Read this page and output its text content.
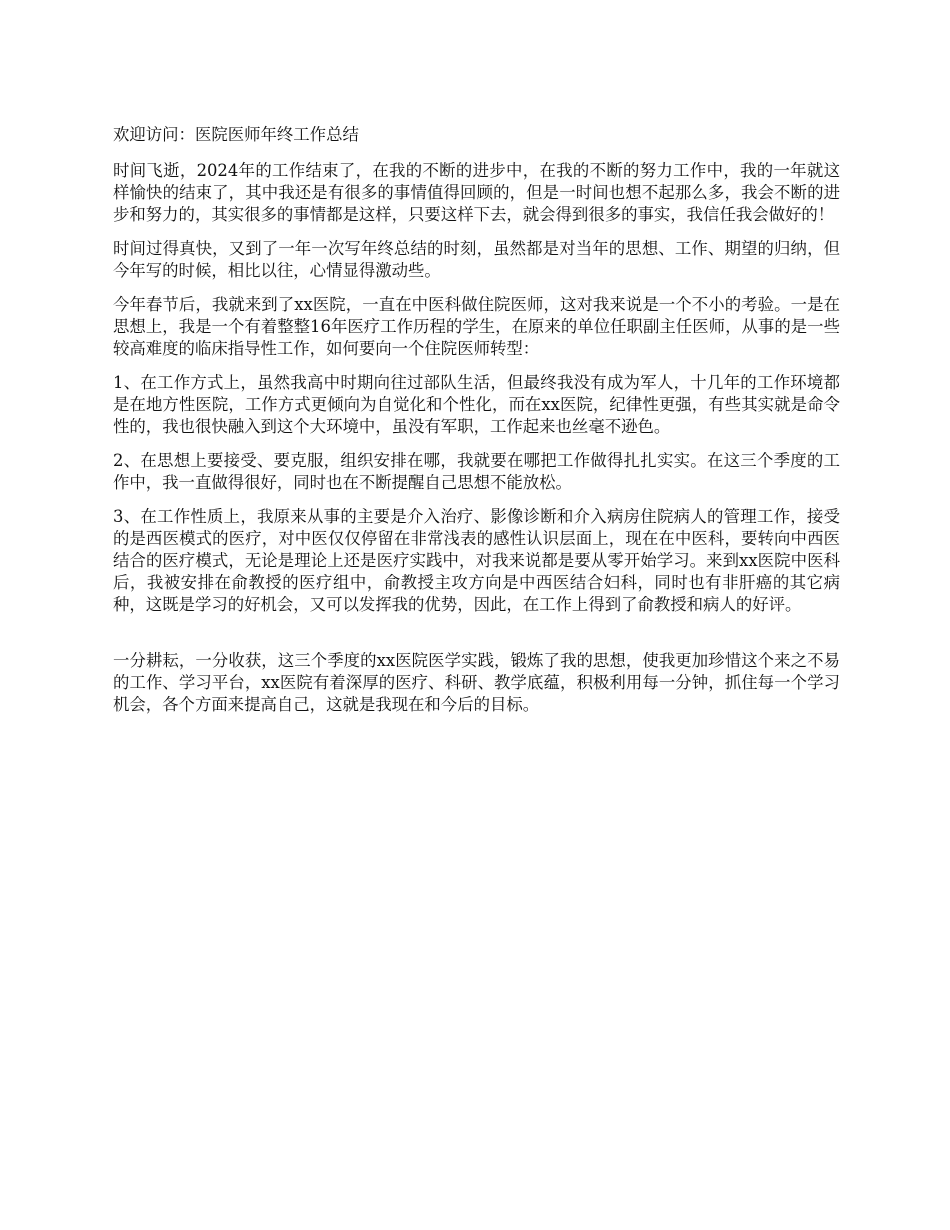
欢迎访问：医院医师年终工作总结

时间飞逝，2024年的工作结束了，在我的不断的进步中，在我的不断的努力工作中，我的一年就这样愉快的结束了，其中我还是有很多的事情值得回顾的，但是一时间也想不起那么多，我会不断的进步和努力的，其实很多的事情都是这样，只要这样下去，就会得到很多的事实，我信任我会做好的！

时间过得真快，又到了一年一次写年终总结的时刻，虽然都是对当年的思想、工作、期望的归纳，但今年写的时候，相比以往，心情显得激动些。

今年春节后，我就来到了xx医院，一直在中医科做住院医师，这对我来说是一个不小的考验。一是在思想上，我是一个有着整整16年医疗工作历程的学生，在原来的单位任职副主任医师，从事的是一些较高难度的临床指导性工作，如何要向一个住院医师转型：

1、在工作方式上，虽然我高中时期向往过部队生活，但最终我没有成为军人，十几年的工作环境都是在地方性医院，工作方式更倾向为自觉化和个性化，而在xx医院，纪律性更强，有些其实就是命令性的，我也很快融入到这个大环境中，虽没有军职，工作起来也丝毫不逊色。

2、在思想上要接受、要克服，组织安排在哪，我就要在哪把工作做得扎扎实实。在这三个季度的工作中，我一直做得很好，同时也在不断提醒自己思想不能放松。

3、在工作性质上，我原来从事的主要是介入治疗、影像诊断和介入病房住院病人的管理工作，接受的是西医模式的医疗，对中医仅仅停留在非常浅表的感性认识层面上，现在在中医科，要转向中西医结合的医疗模式，无论是理论上还是医疗实践中，对我来说都是要从零开始学习。来到xx医院中医科后，我被安排在俞教授的医疗组中，俞教授主攻方向是中西医结合妇科，同时也有非肝癌的其它病种，这既是学习的好机会，又可以发挥我的优势，因此，在工作上得到了俞教授和病人的好评。

一分耕耘，一分收获，这三个季度的xx医院医学实践，锻炼了我的思想，使我更加珍惜这个来之不易的工作、学习平台，xx医院有着深厚的医疗、科研、教学底蕴，积极利用每一分钟，抓住每一个学习机会，各个方面来提高自己，这就是我现在和今后的目标。
